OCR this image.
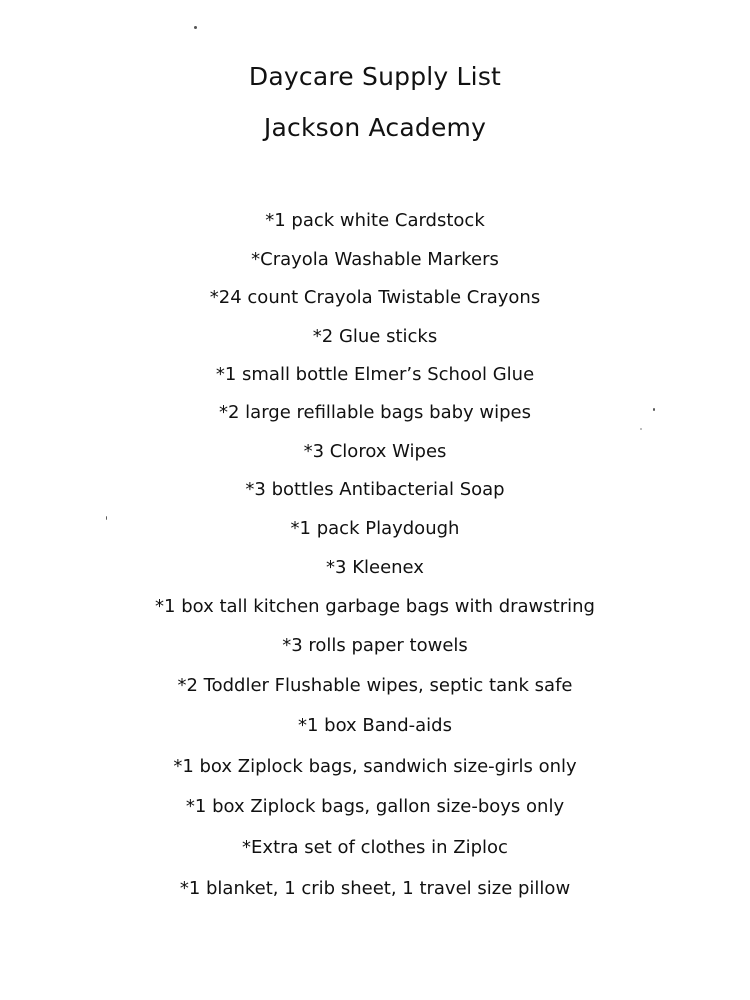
Daycare Supply List
Jackson Academy
*1 pack white Cardstock
*Crayola Washable Markers
*24 count Crayola Twistable Crayons
*2 Glue sticks
*1 small bottle Elmer’s School Glue
*2 large refillable bags baby wipes
*3 Clorox Wipes
*3 bottles Antibacterial Soap
*1 pack Playdough
*3 Kleenex
*1 box tall kitchen garbage bags with drawstring
*3 rolls paper towels
*2 Toddler Flushable wipes, septic tank safe
*1 box Band-aids
*1 box Ziplock bags, sandwich size-girls only
*1 box Ziplock bags, gallon size-boys only
*Extra set of clothes in Ziploc
*1 blanket, 1 crib sheet, 1 travel size pillow
